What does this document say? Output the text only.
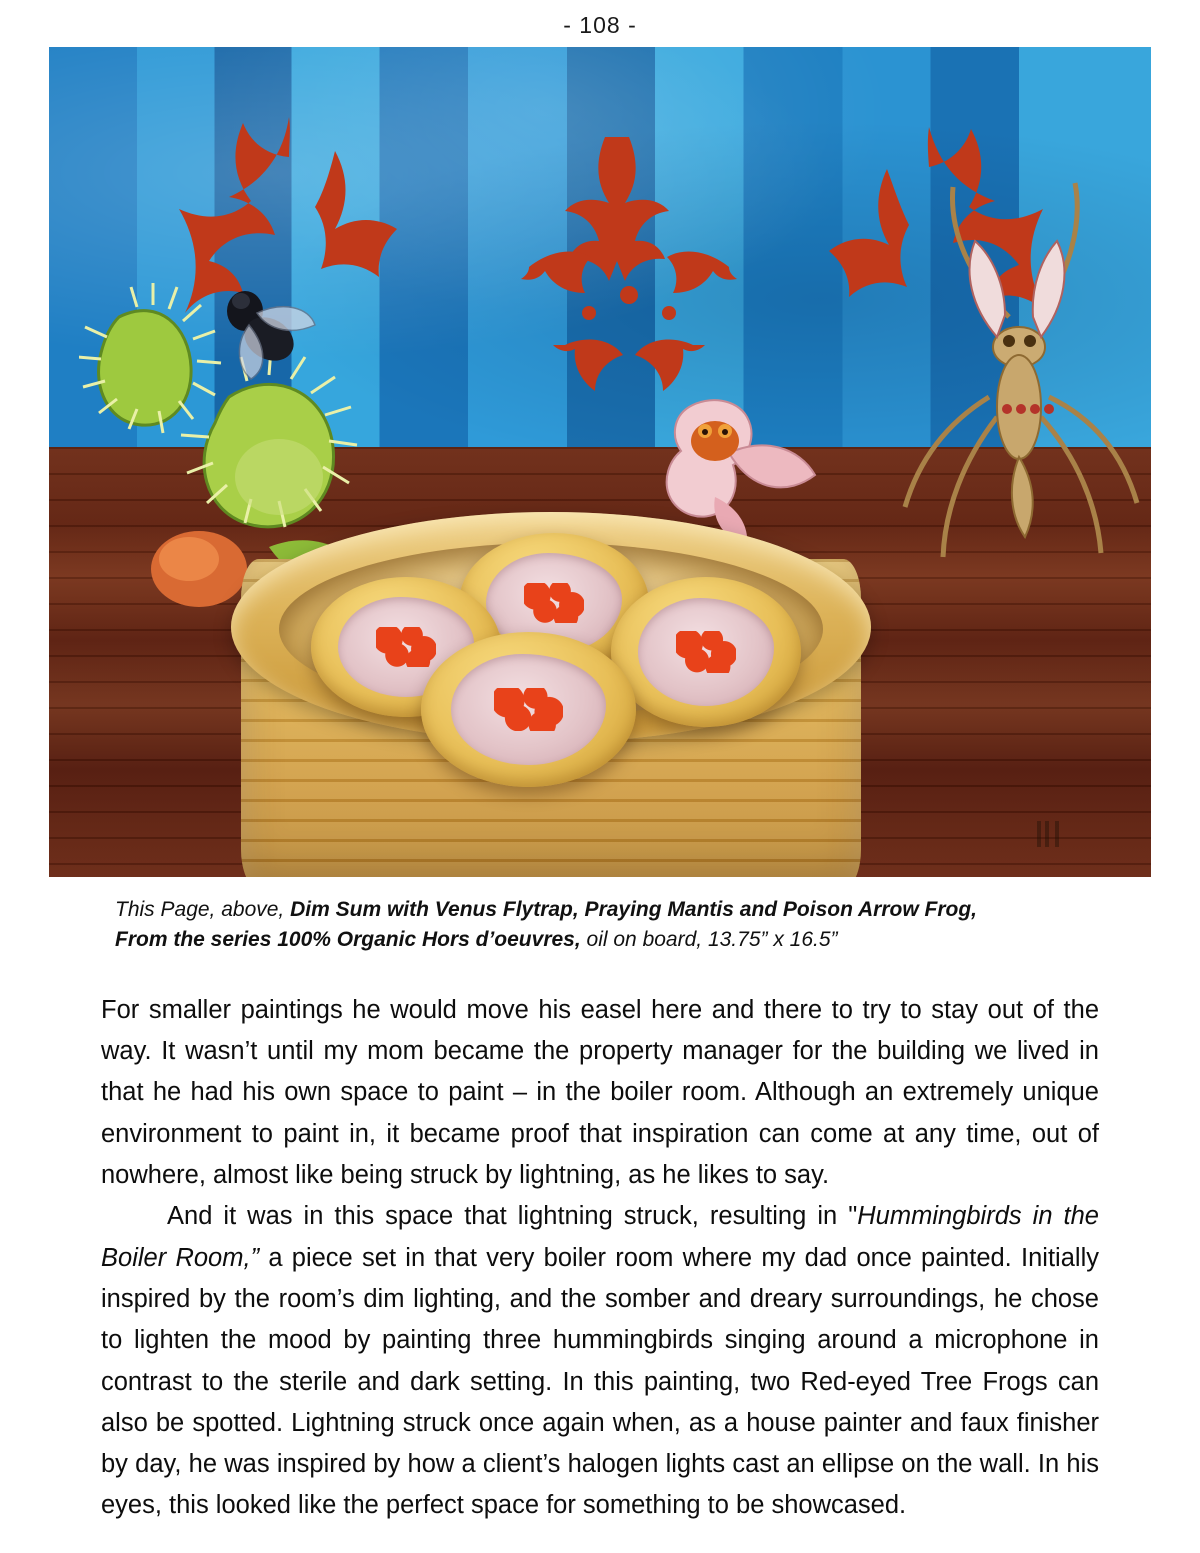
- 108 -
This Page, above, Dim Sum with Venus Flytrap, Praying Mantis and Poison Arrow Frog,
From the series 100% Organic Hors d’oeuvres, oil on board, 13.75” x 16.5”

For smaller paintings he would move his easel here and there to try to stay out of the way. It wasn’t until my mom became the property manager for the building we lived in that he had his own space to paint – in the boiler room. Although an extremely unique environment to paint in, it became proof that inspiration can come at any time, out of nowhere, almost like being struck by lightning, as he likes to say.

And it was in this space that lightning struck, resulting in "Hummingbirds in the Boiler Room,” a piece set in that very boiler room where my dad once painted. Initially inspired by the room’s dim lighting, and the somber and dreary surroundings, he chose to lighten the mood by painting three hummingbirds singing around a microphone in contrast to the sterile and dark setting. In this painting, two Red-eyed Tree Frogs can also be spotted. Lightning struck once again when, as a house painter and faux finisher by day, he was inspired by how a client’s halogen lights cast an ellipse on the wall. In his eyes, this looked like the perfect space for something to be showcased.
